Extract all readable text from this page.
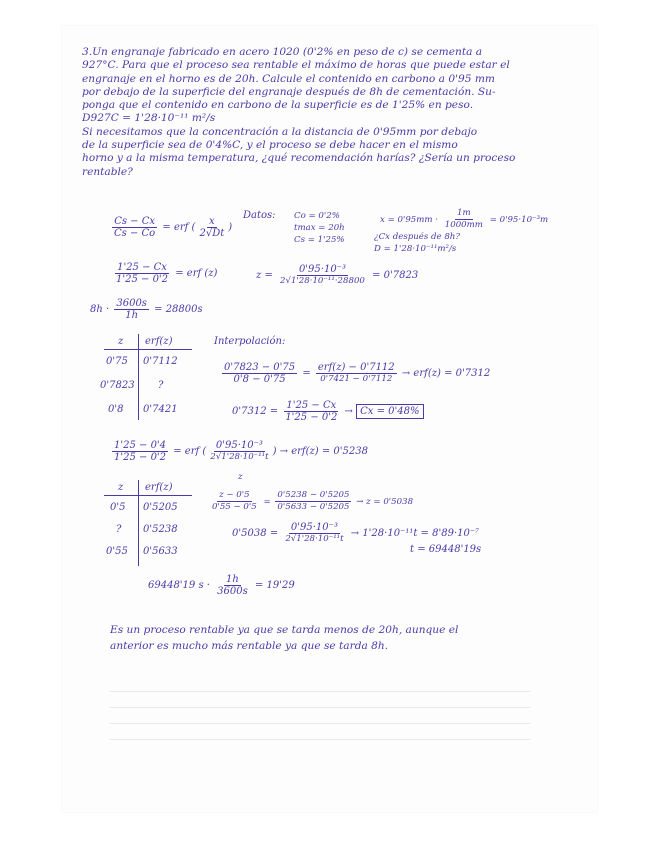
3.Un engranaje fabricado en acero 1020 (0'2% en peso de c) se cementa a
927°C. Para que el proceso sea rentable el máximo de horas que puede estar el
engranaje en el horno es de 20h. Calcule el contenido en carbono a 0'95 mm
por debajo de la superficie del engranaje después de 8h de cementación. Su-
ponga que el contenido en carbono de la superficie es de 1'25% en peso.
D927C = 1'28·10⁻¹¹ m²/s
Si necesitamos que la concentración a la distancia de 0'95mm por debajo
de la superficie sea de 0'4%C, y el proceso se debe hacer en el mismo
horno y a la misma temperatura, ¿qué recomendación harías? ¿Sería un proceso
rentable?
$\frac{Cs - Cx}{Cs - Co}$ = erf ( $\frac{x}{2√Dt}$ )
Datos: Co = 0'2%
tmax = 20h
Cs = 1'25%
$x = 0'95mm \cdot \frac{1m}{1000mm} = 0'95\cdot 10^{-3}m$
¿Cx después de 8h?
D = 1'28·10⁻¹¹m²/s
$\frac{1'25 - Cx}{1'25 - 0'2}$ = erf (z)	$z = \frac{\text{0'95·10⁻³}}{\text{2√1'28·10⁻¹¹·28800}} = 0'7823$
$8h \cdot \frac{3600s}{1h} = 28800s$
z erf(z)
0'75 0'7112
0'7823 ?
0'8 0'7421
Interpolación:
$\frac{0'7823 - 0'75}{0'8 - 0'75} = \frac{\text{erf(z) − 0'7112}}{0'7421 - 0'7112} \to erf(z) = 0'7312$
$0'7312 = \frac{1'25 - Cx}{1'25 - 0'2} \to Cx = 0'48\%$
$\frac{1'25 - 0'4}{1'25 - 0'2}$ = erf ( $\frac{\text{0'95·10⁻³}}{\text{2√1'28·10⁻¹¹t}}$ ) → erf(z) = 0'5238
z
z erf(z)
0'5 0'5205
? 0'5238
0'55 0'5633
$\frac{z - 0'5}{0'55 - 0'5} = \frac{0'5238 - 0'5205}{0'5633 - 0'5205} \to z = 0'5038$
$0'5038 = \frac{\text{0'95·10⁻³}}{\text{2√1'28·10⁻¹¹t}} \to 1'28\cdot 10^{-11}t = 8'89\cdot 10^{-7}$
t = 69448'19s
69448'19 $s \cdot \frac{1h}{3600s} = 19'29$
Es un proceso rentable ya que se tarda menos de 20h, aunque el
anterior es mucho más rentable ya que se tarda 8h.
